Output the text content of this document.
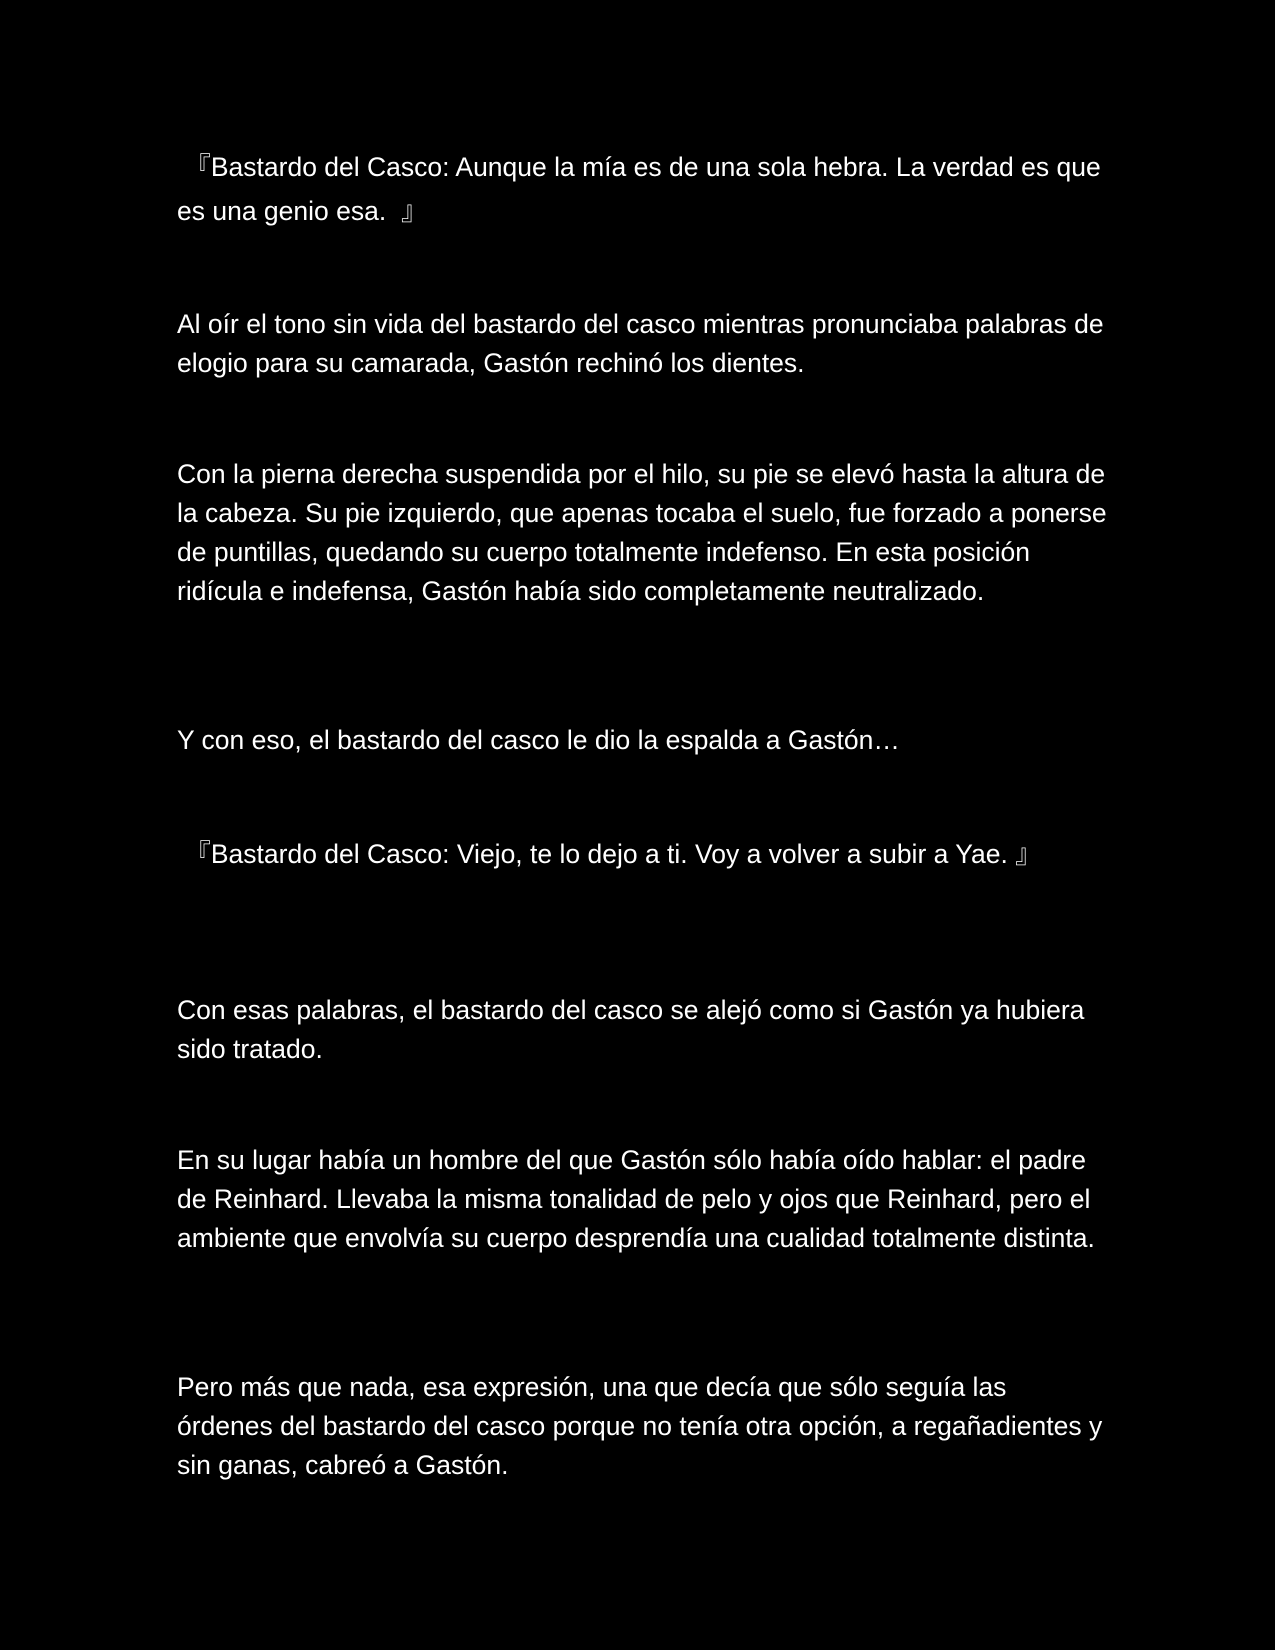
『Bastardo del Casco: Aunque la mía es de una sola hebra. La verdad es que es una genio esa.  』

Al oír el tono sin vida del bastardo del casco mientras pronunciaba palabras de elogio para su camarada, Gastón rechinó los dientes.

Con la pierna derecha suspendida por el hilo, su pie se elevó hasta la altura de la cabeza. Su pie izquierdo, que apenas tocaba el suelo, fue forzado a ponerse de puntillas, quedando su cuerpo totalmente indefenso. En esta posición ridícula e indefensa, Gastón había sido completamente neutralizado.

Y con eso, el bastardo del casco le dio la espalda a Gastón…

『Bastardo del Casco: Viejo, te lo dejo a ti. Voy a volver a subir a Yae. 』

Con esas palabras, el bastardo del casco se alejó como si Gastón ya hubiera sido tratado.

En su lugar había un hombre del que Gastón sólo había oído hablar: el padre de Reinhard. Llevaba la misma tonalidad de pelo y ojos que Reinhard, pero el ambiente que envolvía su cuerpo desprendía una cualidad totalmente distinta.

Pero más que nada, esa expresión, una que decía que sólo seguía las órdenes del bastardo del casco porque no tenía otra opción, a regañadientes y sin ganas, cabreó a Gastón.
